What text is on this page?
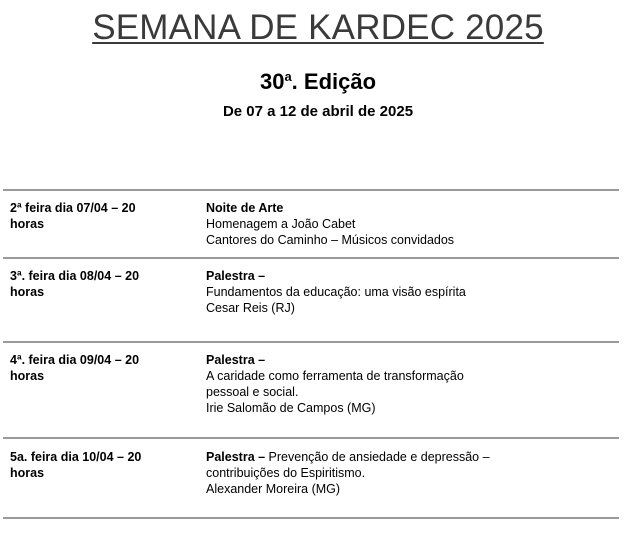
SEMANA DE KARDEC 2025
30$^a$. Edição
De 07 a 12 de abril de 2025
2ª feira dia 07/04 – 20
horas
Noite de Arte
Homenagem a João Cabet
Cantores do Caminho – Músicos convidados
3ª. feira dia 08/04 – 20
horas
Palestra –
Fundamentos da educação: uma visão espírita
Cesar Reis (RJ)
4ª. feira dia 09/04 – 20
horas
Palestra –
A caridade como ferramenta de transformação
pessoal e social.
Irie Salomão de Campos (MG)
5a. feira dia 10/04 – 20
horas
Palestra – Prevenção de ansiedade e depressão –
contribuições do Espiritismo.
Alexander Moreira (MG)
